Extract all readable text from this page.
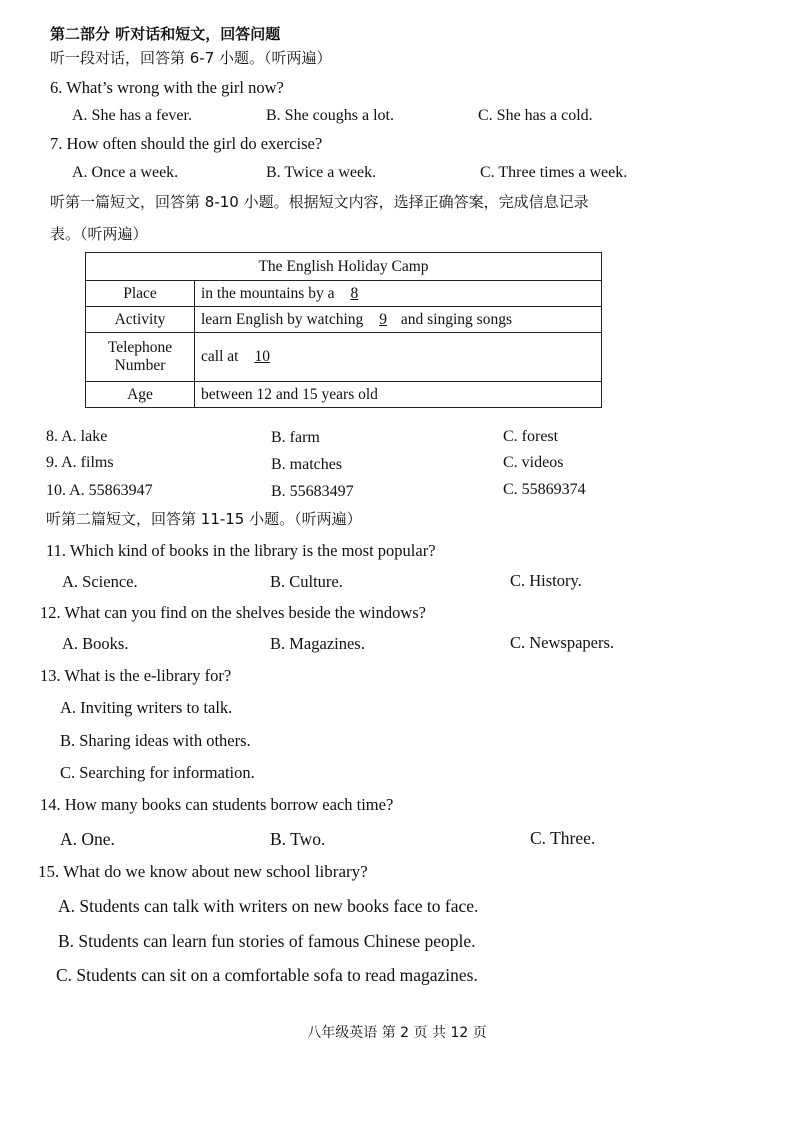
第二部分 听对话和短文，回答问题
听一段对话，回答第 6-7 小题。（听两遍）
6. What’s wrong with the girl now?
A. She has a fever.	B. She coughs a lot.	C. She has a cold.
7. How often should the girl do exercise?
A. Once a week.	B. Twice a week.	C. Three times a week.
听第一篇短文，回答第 8-10 小题。根据短文内容，选择正确答案，完成信息记录
表。（听两遍）
The English Holiday Camp	
Place	in the mountains by a 8
Activity	learn English by watching 9 and singing songs
Telephone
Number	call at 10
Age	between 12 and 15 years old
8. A. lake	B. farm	C. forest
9. A. films	B. matches	C. videos
10. A. 55863947	B. 55683497	C. 55869374
听第二篇短文，回答第 11-15 小题。（听两遍）
11. Which kind of books in the library is the most popular?
A. Science.	B. Culture.	C. History.
12. What can you find on the shelves beside the windows?
A. Books.	B. Magazines.	C. Newspapers.
13. What is the e-library for?
A. Inviting writers to talk.
B. Sharing ideas with others.
C. Searching for information.
14. How many books can students borrow each time?
A. One.	B. Two.	C. Three.
15. What do we know about new school library?
A. Students can talk with writers on new books face to face.
B. Students can learn fun stories of famous Chinese people.
C. Students can sit on a comfortable sofa to read magazines.
八年级英语 第 2 页 共 12 页
